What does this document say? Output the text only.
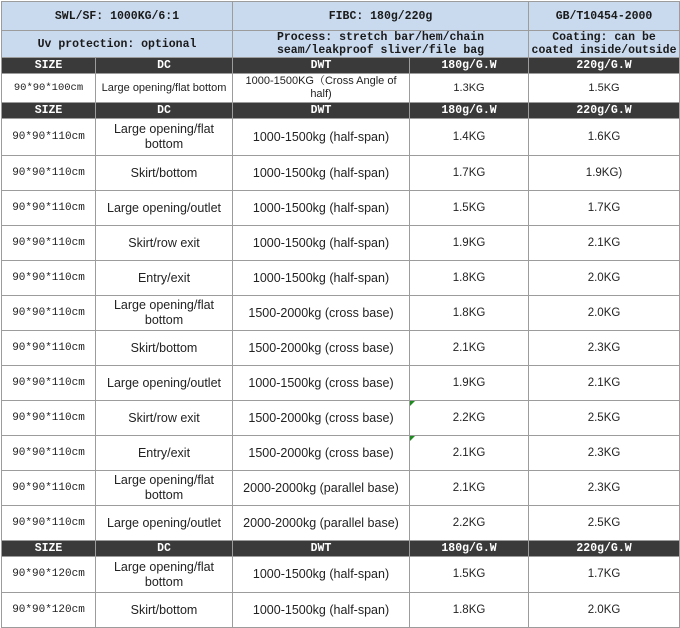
SWL/SF: 1000KG/6:1		FIBC: 180g/220g		GB/T10454-2000
Uv protection: optional		Process: stretch bar/hem/chain seam/leakproof sliver/file bag		Coating: can be coated inside/outside
SIZE	DC	DWT	180g/G.W	220g/G.W
90*90*100cm	Large opening/flat bottom	1000-1500KG（Cross Angle of half)	1.3KG	1.5KG
SIZE	DC	DWT	180g/G.W	220g/G.W
90*90*110cm	Large opening/flat bottom	1000-1500kg (half-span)	1.4KG	1.6KG
90*90*110cm	Skirt/bottom	1000-1500kg (half-span)	1.7KG	1.9KG)
90*90*110cm	Large opening/outlet	1000-1500kg (half-span)	1.5KG	1.7KG
90*90*110cm	Skirt/row exit	1000-1500kg (half-span)	1.9KG	2.1KG
90*90*110cm	Entry/exit	1000-1500kg (half-span)	1.8KG	2.0KG
90*90*110cm	Large opening/flat bottom	1500-2000kg (cross base)	1.8KG	2.0KG
90*90*110cm	Skirt/bottom	1500-2000kg (cross base)	2.1KG	2.3KG
90*90*110cm	Large opening/outlet	1000-1500kg (cross base)	1.9KG	2.1KG
90*90*110cm	Skirt/row exit	1500-2000kg (cross base)	2.2KG	2.5KG
90*90*110cm	Entry/exit	1500-2000kg (cross base)	2.1KG	2.3KG
90*90*110cm	Large opening/flat bottom	2000-2000kg (parallel base)	2.1KG	2.3KG
90*90*110cm	Large opening/outlet	2000-2000kg (parallel base)	2.2KG	2.5KG
SIZE	DC	DWT	180g/G.W	220g/G.W
90*90*120cm	Large opening/flat bottom	1000-1500kg (half-span)	1.5KG	1.7KG
90*90*120cm	Skirt/bottom	1000-1500kg (half-span)	1.8KG	2.0KG
